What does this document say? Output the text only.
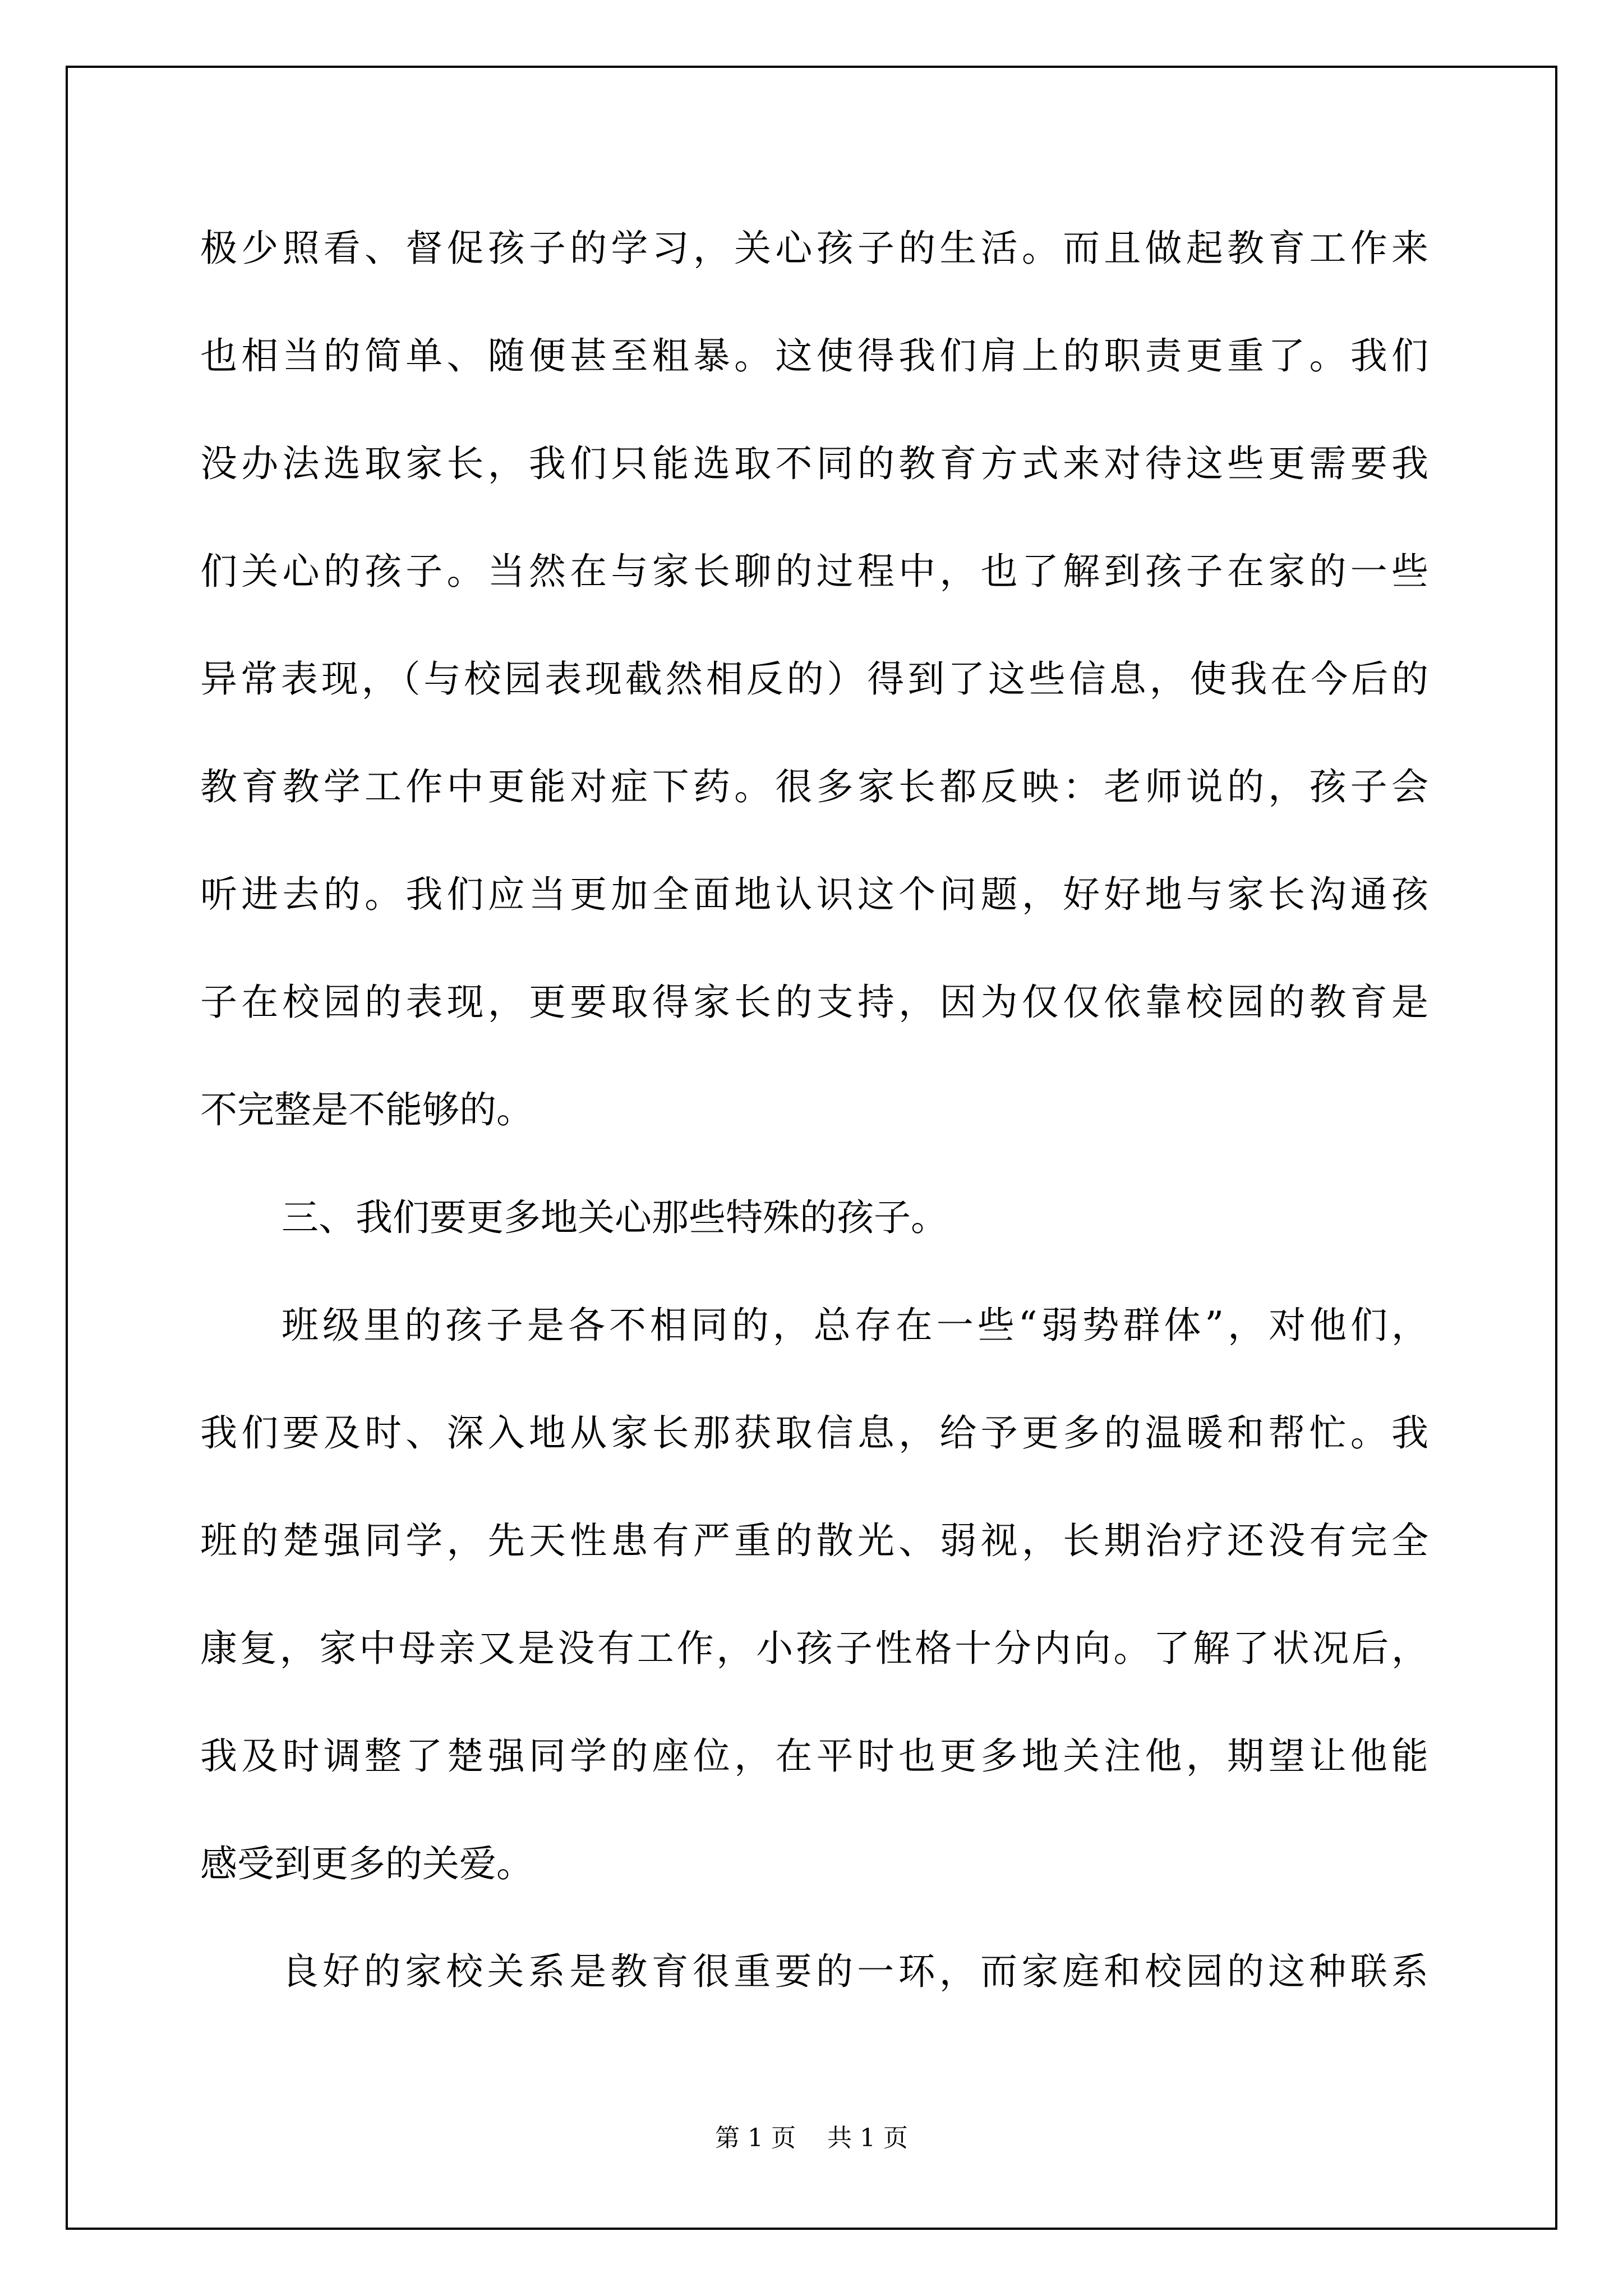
极少照看、督促孩子的学习，关心孩子的生活。而且做起教育工作来
也相当的简单、随便甚至粗暴。这使得我们肩上的职责更重了。我们
没办法选取家长，我们只能选取不同的教育方式来对待这些更需要我
们关心的孩子。当然在与家长聊的过程中，也了解到孩子在家的一些
异常表现，（与校园表现截然相反的）得到了这些信息，使我在今后的
教育教学工作中更能对症下药。很多家长都反映：老师说的，孩子会
听进去的。我们应当更加全面地认识这个问题，好好地与家长沟通孩
子在校园的表现，更要取得家长的支持，因为仅仅依靠校园的教育是
不完整是不能够的。
三、我们要更多地关心那些特殊的孩子。
班级里的孩子是各不相同的，总存在一些“弱势群体”，对他们，
我们要及时、深入地从家长那获取信息，给予更多的温暖和帮忙。我
班的楚强同学，先天性患有严重的散光、弱视，长期治疗还没有完全
康复，家中母亲又是没有工作，小孩子性格十分内向。了解了状况后，
我及时调整了楚强同学的座位，在平时也更多地关注他，期望让他能
感受到更多的关爱。
良好的家校关系是教育很重要的一环，而家庭和校园的这种联系
第 1 页    共 1 页
